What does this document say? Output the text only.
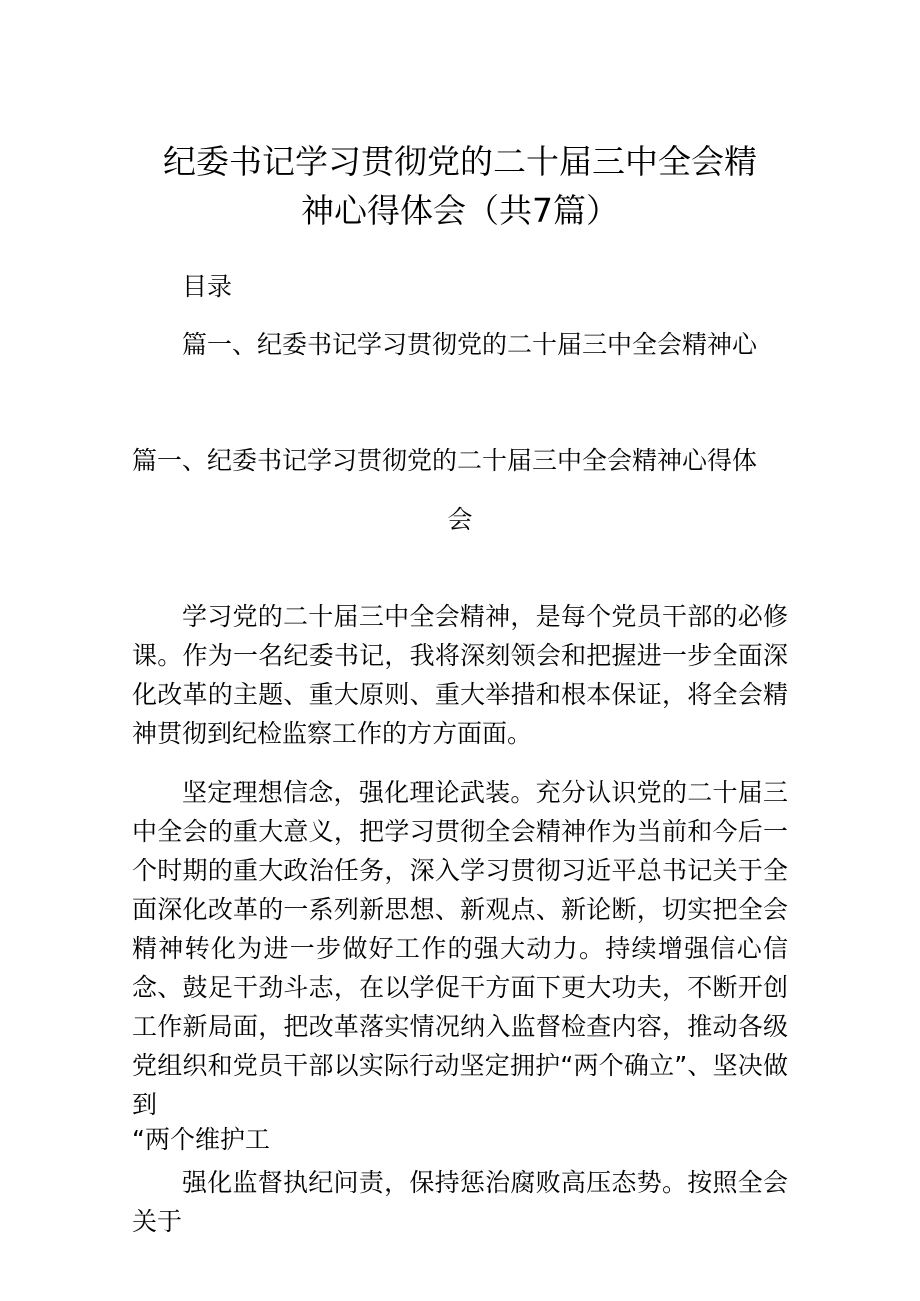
纪委书记学习贯彻党的二十届三中全会精
神心得体会（共7篇）
目录
篇一、纪委书记学习贯彻党的二十届三中全会精神心
篇一、纪委书记学习贯彻党的二十届三中全会精神心得体
会
学习党的二十届三中全会精神，是每个党员干部的必修课。作为一名纪委书记，我将深刻领会和把握进一步全面深化改革的主题、重大原则、重大举措和根本保证，将全会精神贯彻到纪检监察工作的方方面面。
坚定理想信念，强化理论武装。充分认识党的二十届三中全会的重大意义，把学习贯彻全会精神作为当前和今后一个时期的重大政治任务，深入学习贯彻习近平总书记关于全面深化改革的一系列新思想、新观点、新论断，切实把全会精神转化为进一步做好工作的强大动力。持续增强信心信念、鼓足干劲斗志，在以学促干方面下更大功夫，不断开创工作新局面，把改革落实情况纳入监督检查内容，推动各级党组织和党员干部以实际行动坚定拥护“两个确立”、坚决做到
“两个维护工
强化监督执纪问责，保持惩治腐败高压态势。按照全会关于
